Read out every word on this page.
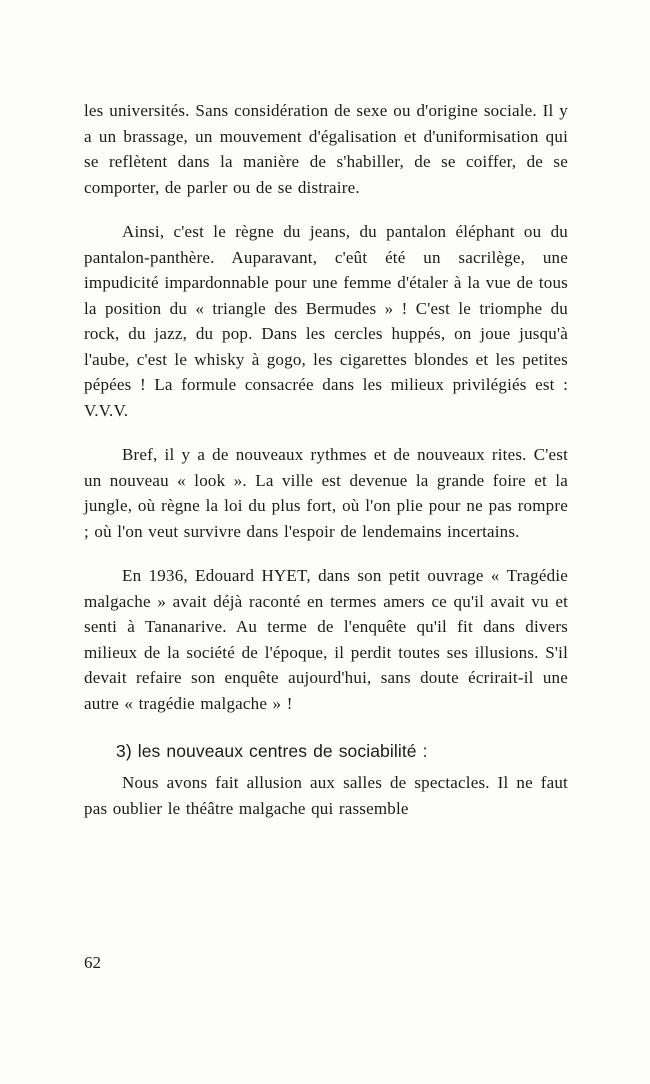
les universités. Sans considération de sexe ou d'origine sociale. Il y a un brassage, un mouvement d'égalisation et d'uniformisation qui se reflètent dans la manière de s'habiller, de se coiffer, de se comporter, de parler ou de se distraire.

Ainsi, c'est le règne du jeans, du pantalon éléphant ou du pantalon-panthère. Auparavant, c'eût été un sacrilège, une impudicité impardonnable pour une femme d'étaler à la vue de tous la position du « triangle des Bermudes » ! C'est le triomphe du rock, du jazz, du pop. Dans les cercles huppés, on joue jusqu'à l'aube, c'est le whisky à gogo, les cigarettes blondes et les petites pépées ! La formule consacrée dans les milieux privilégiés est : V.V.V.

Bref, il y a de nouveaux rythmes et de nouveaux rites. C'est un nouveau « look ». La ville est devenue la grande foire et la jungle, où règne la loi du plus fort, où l'on plie pour ne pas rompre ; où l'on veut survivre dans l'espoir de lendemains incertains.

En 1936, Edouard HYET, dans son petit ouvrage « Tragédie malgache » avait déjà raconté en termes amers ce qu'il avait vu et senti à Tananarive. Au terme de l'enquête qu'il fit dans divers milieux de la société de l'époque, il perdit toutes ses illusions. S'il devait refaire son enquête aujourd'hui, sans doute écrirait-il une autre « tragédie malgache » !

3) les nouveaux centres de sociabilité :

Nous avons fait allusion aux salles de spectacles. Il ne faut pas oublier le théâtre malgache qui rassemble

62
